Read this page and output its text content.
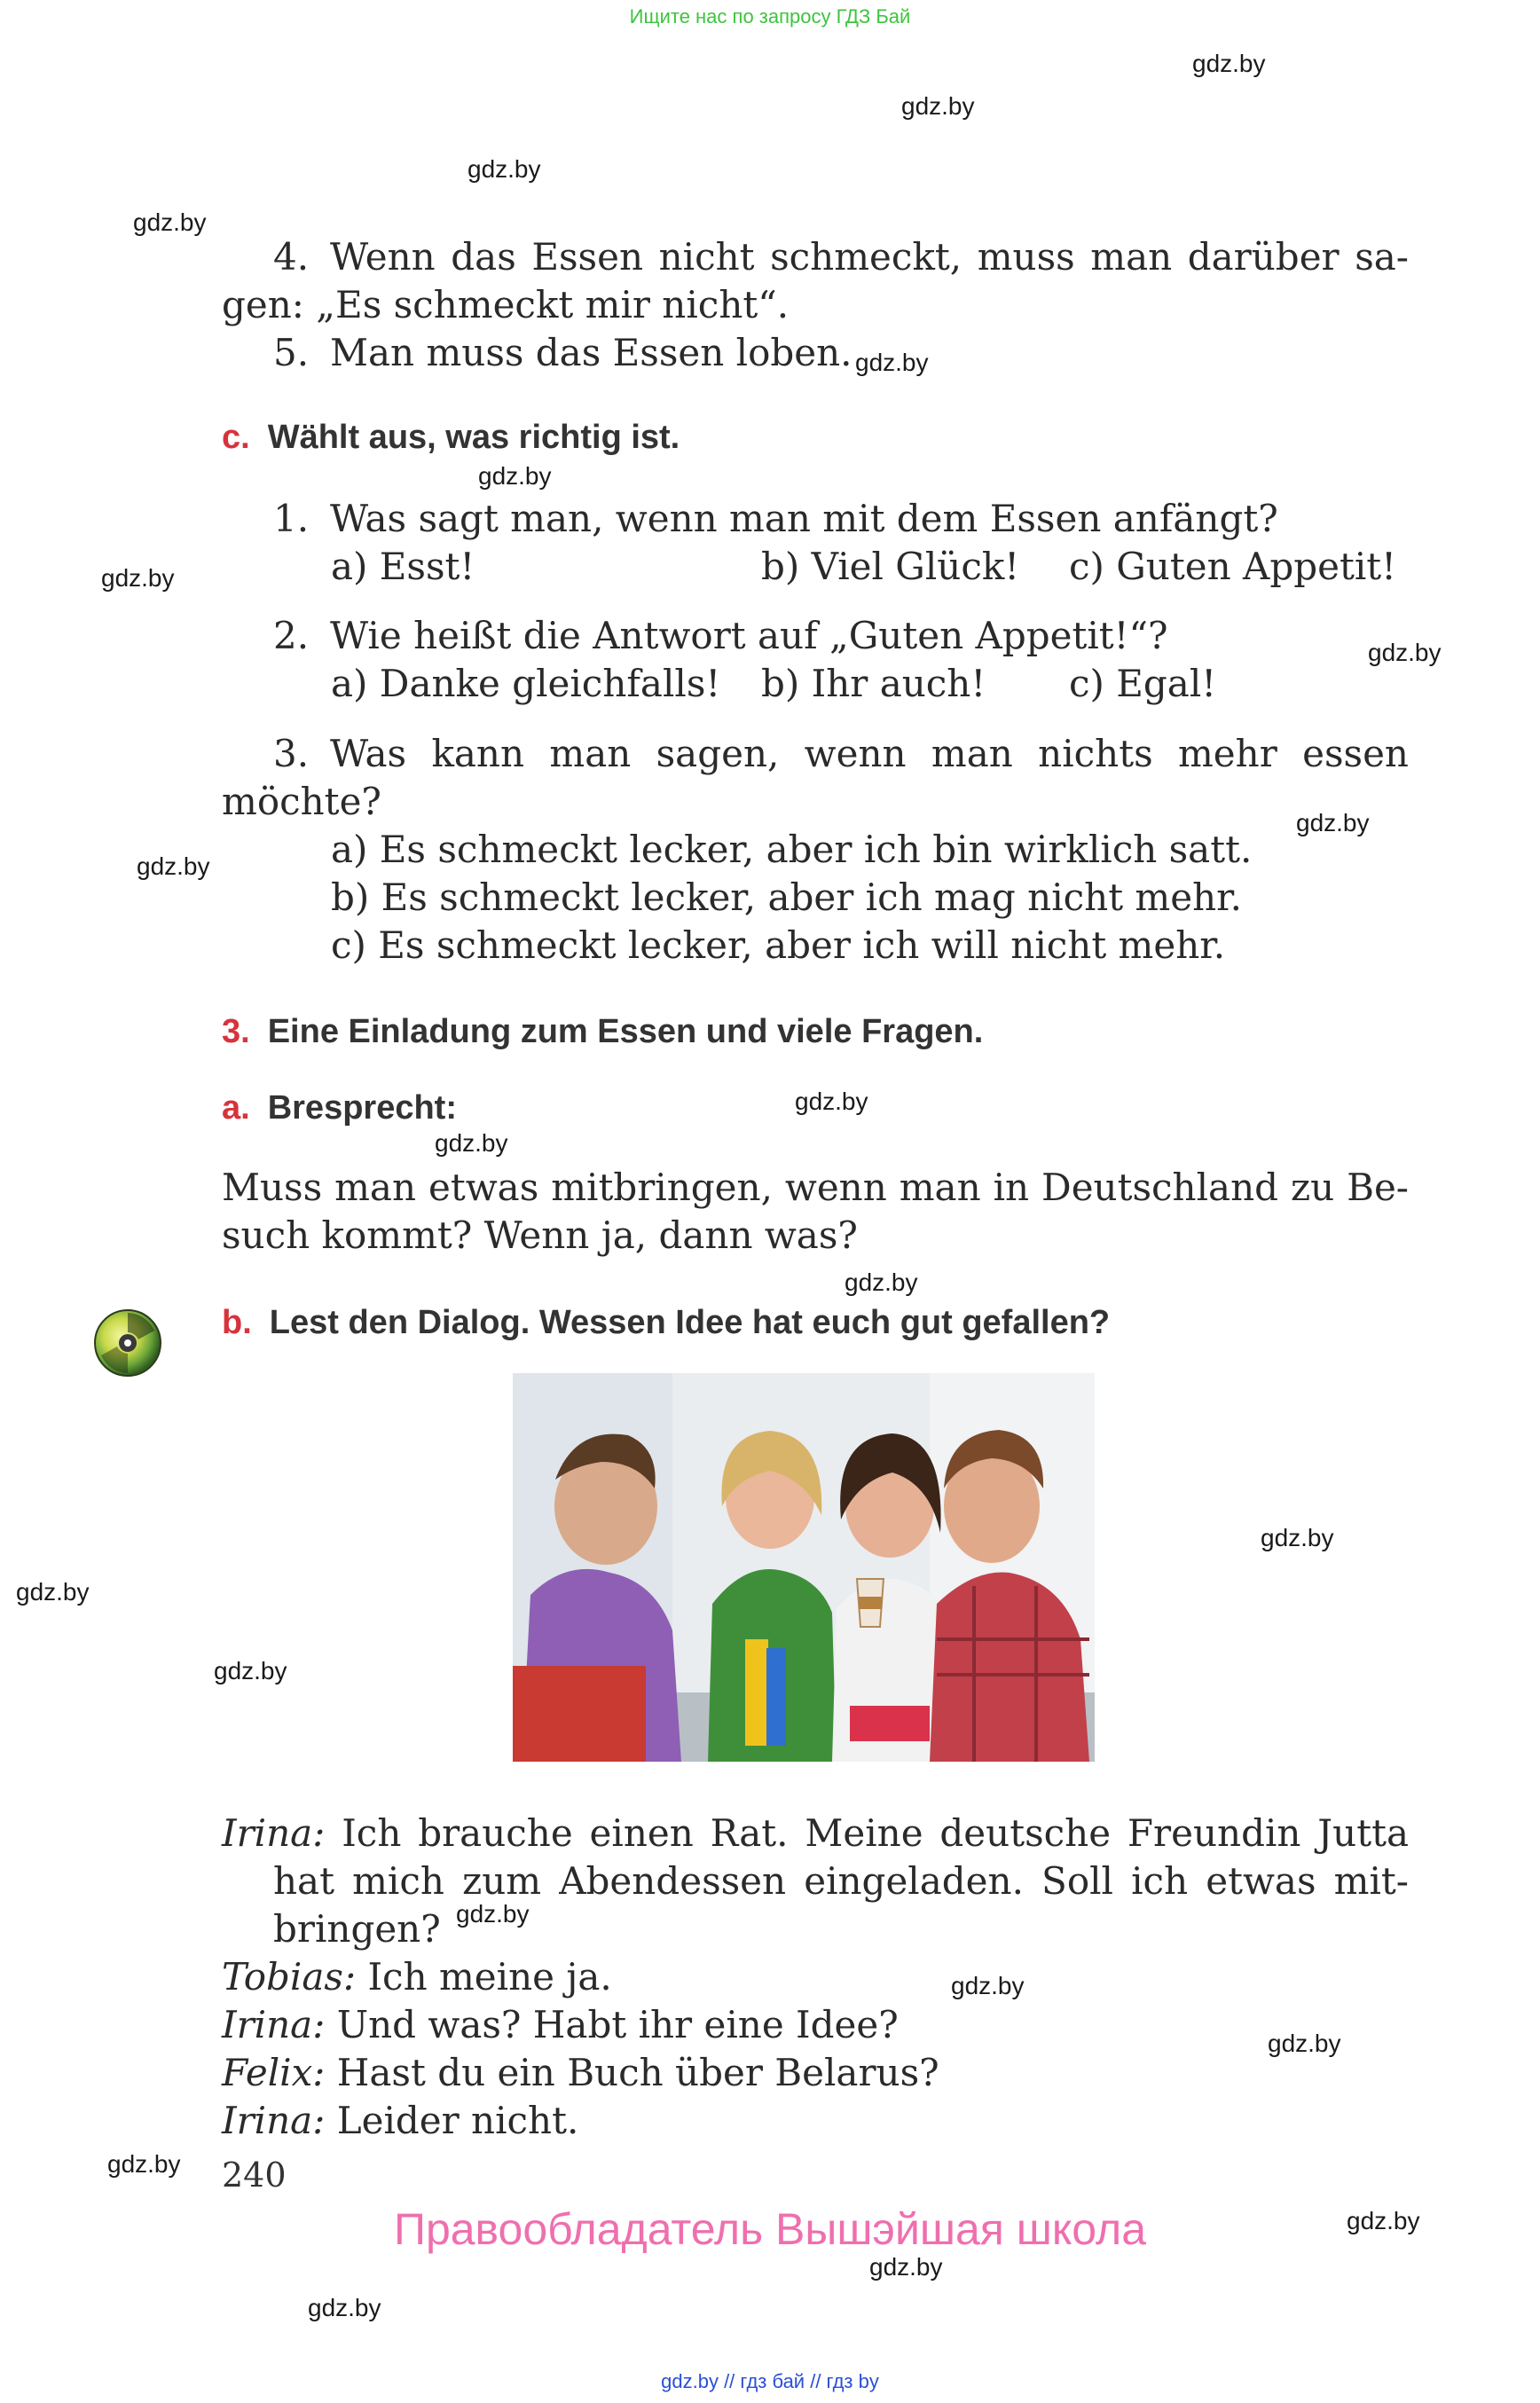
Ищите нас по запросу ГДЗ Бай
gdz.by
gdz.by
gdz.by
gdz.by
gdz.by
gdz.by
gdz.by
gdz.by
gdz.by
gdz.by
gdz.by
gdz.by
gdz.by
gdz.by
gdz.by
gdz.by
gdz.by
gdz.by
gdz.by
gdz.by
gdz.by
gdz.by
gdz.by
4. Wenn das Essen nicht schmeckt, muss man darüber sa-
gen: „Es schmeckt mir nicht“.
5. Man muss das Essen loben.
c. Wählt aus, was richtig ist.
1. Was sagt man, wenn man mit dem Essen anfängt?
a) Esst!	b) Viel Glück! c) Guten Appetit!
2. Wie heißt die Antwort auf „Guten Appetit!“?
a) Danke gleichfalls! b) Ihr auch! c) Egal!
3. Was kann man sagen, wenn man nichts mehr essen
möchte?
a) Es schmeckt lecker, aber ich bin wirklich satt.
b) Es schmeckt lecker, aber ich mag nicht mehr.
c) Es schmeckt lecker, aber ich will nicht mehr.
3. Eine Einladung zum Essen und viele Fragen.
a. Bresprecht:
Muss man etwas mitbringen, wenn man in Deutschland zu Be-
such kommt? Wenn ja, dann was?
b. Lest den Dialog. Wessen Idee hat euch gut gefallen?
Irina: Ich brauche einen Rat. Meine deutsche Freundin Jutta
hat mich zum Abendessen eingeladen. Soll ich etwas mit-
bringen?
Tobias: Ich meine ja.
Irina: Und was? Habt ihr eine Idee?
Felix: Hast du ein Buch über Belarus?
Irina: Leider nicht.
240
Правообладатель Вышэйшая школа
gdz.by // гдз бай // гдз by
